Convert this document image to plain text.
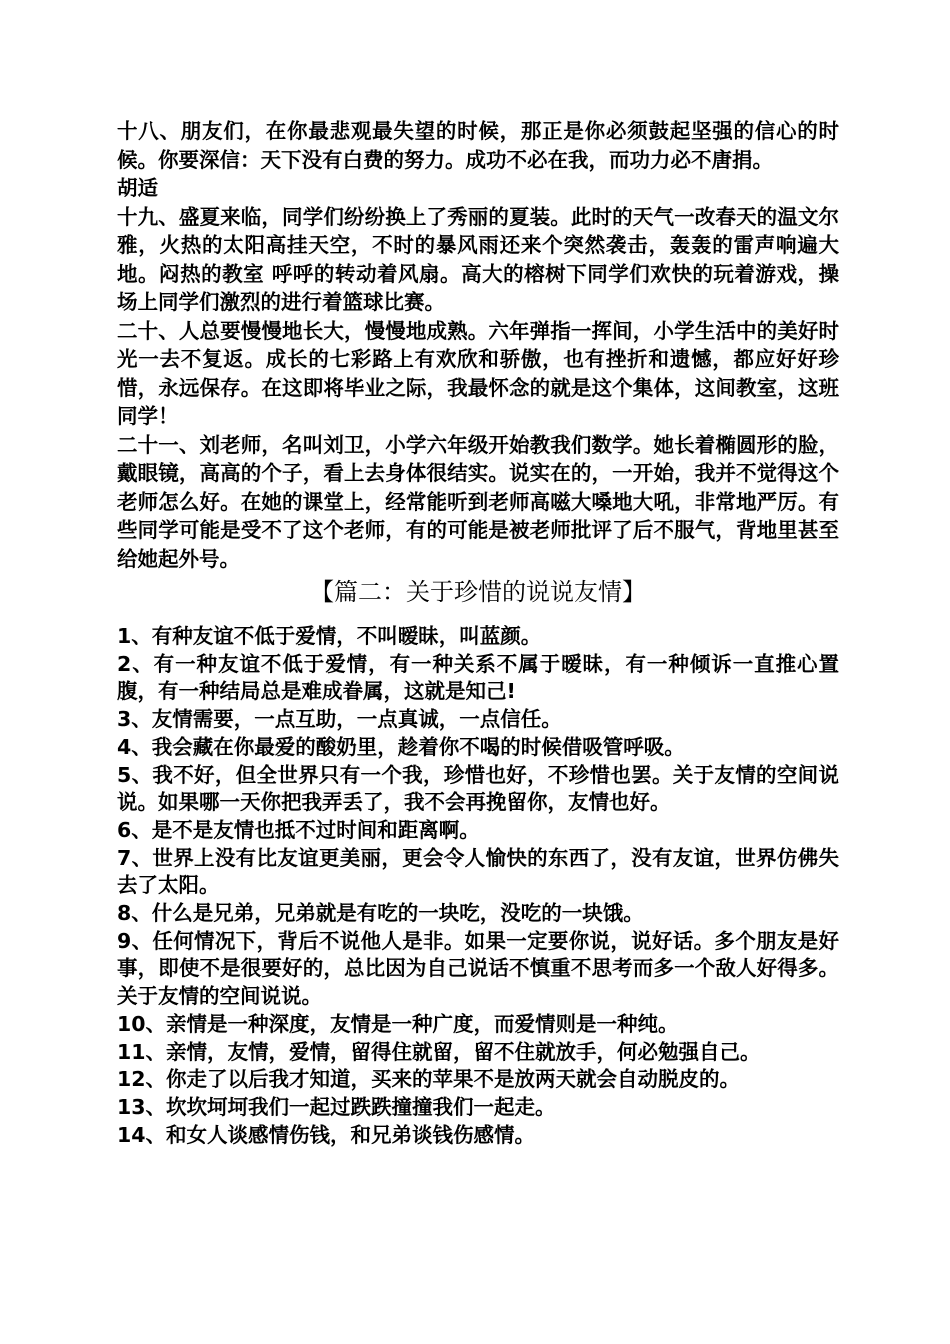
十八、朋友们，在你最悲观最失望的时候，那正是你必须鼓起坚强的信心的时候。你要深信：天下没有白费的努力。成功不必在我，而功力必不唐捐。

胡适

十九、盛夏来临，同学们纷纷换上了秀丽的夏装。此时的天气一改春天的温文尔雅，火热的太阳高挂天空，不时的暴风雨还来个突然袭击，轰轰的雷声响遍大地。闷热的教室 呼呼的转动着风扇。高大的榕树下同学们欢快的玩着游戏，操场上同学们激烈的进行着篮球比赛。

二十、人总要慢慢地长大，慢慢地成熟。六年弹指一挥间，小学生活中的美好时光一去不复返。成长的七彩路上有欢欣和骄傲，也有挫折和遗憾，都应好好珍惜，永远保存。在这即将毕业之际，我最怀念的就是这个集体，这间教室，这班同学！

二十一、刘老师，名叫刘卫，小学六年级开始教我们数学。她长着椭圆形的脸，戴眼镜，高高的个子，看上去身体很结实。说实在的，一开始，我并不觉得这个老师怎么好。在她的课堂上，经常能听到老师高嗞大嗓地大吼，非常地严厉。有些同学可能是受不了这个老师，有的可能是被老师批评了后不服气，背地里甚至给她起外号。

【篇二：关于珍惜的说说友情】

1、有种友谊不低于爱情，不叫暧昧，叫蓝颜。

2、有一种友谊不低于爱情，有一种关系不属于暧昧，有一种倾诉一直推心置腹，有一种结局总是难成眷属，这就是知己!

3、友情需要，一点互助，一点真诚，一点信任。

4、我会藏在你最爱的酸奶里，趁着你不喝的时候借吸管呼吸。

5、我不好，但全世界只有一个我，珍惜也好，不珍惜也罢。关于友情的空间说说。如果哪一天你把我弄丢了，我不会再挽留你，友情也好。

6、是不是友情也抵不过时间和距离啊。

7、世界上没有比友谊更美丽，更会令人愉快的东西了，没有友谊，世界仿佛失去了太阳。

8、什么是兄弟，兄弟就是有吃的一块吃，没吃的一块饿。

9、任何情况下，背后不说他人是非。如果一定要你说，说好话。多个朋友是好事，即使不是很要好的，总比因为自己说话不慎重不思考而多一个敌人好得多。关于友情的空间说说。

10、亲情是一种深度，友情是一种广度，而爱情则是一种纯。

11、亲情，友情，爱情，留得住就留，留不住就放手，何必勉强自己。

12、你走了以后我才知道，买来的苹果不是放两天就会自动脱皮的。

13、坎坎坷坷我们一起过跌跌撞撞我们一起走。

14、和女人谈感情伤钱，和兄弟谈钱伤感情。
